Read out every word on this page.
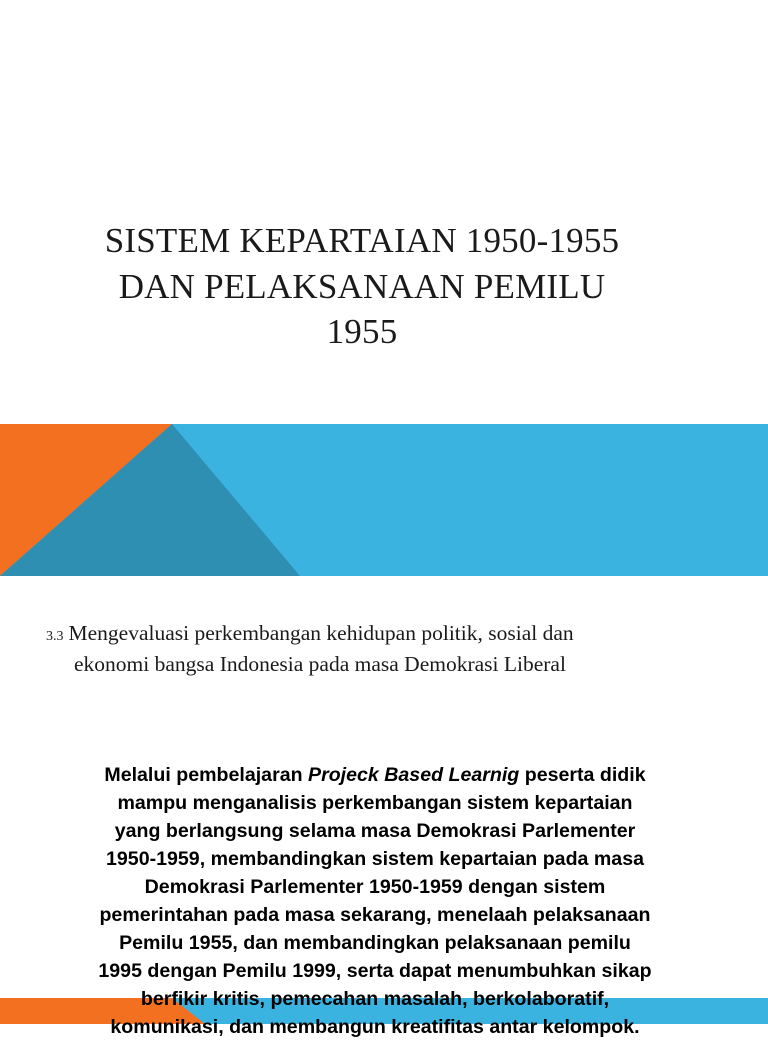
SISTEM KEPARTAIAN 1950-1955
DAN PELAKSANAAN PEMILU
1955
3.3 Mengevaluasi perkembangan kehidupan politik, sosial dan
ekonomi bangsa Indonesia pada masa Demokrasi Liberal
Melalui pembelajaran Projeck Based Learnig peserta didik
mampu menganalisis perkembangan sistem kepartaian
yang berlangsung selama masa Demokrasi Parlementer
1950-1959, membandingkan sistem kepartaian pada masa
Demokrasi Parlementer 1950-1959 dengan sistem
pemerintahan pada masa sekarang, menelaah pelaksanaan
Pemilu 1955, dan membandingkan pelaksanaan pemilu
1995 dengan Pemilu 1999, serta dapat menumbuhkan sikap
berfikir kritis, pemecahan masalah, berkolaboratif,
komunikasi, dan membangun kreatifitas antar kelompok.
